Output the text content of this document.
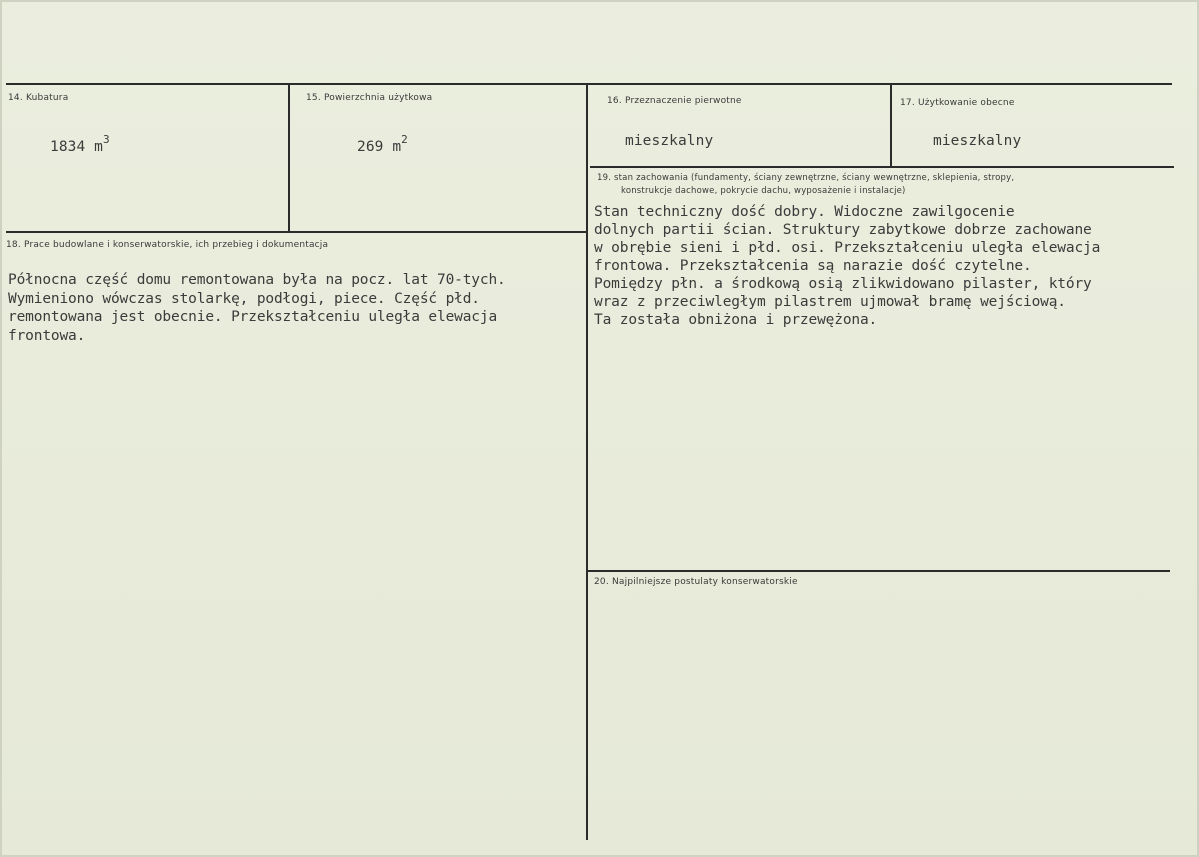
14. Kubatura
1834 $m^3$
15. Powierzchnia użytkowa
269 $m^2$
16. Przeznaczenie pierwotne
mieszkalny
17. Użytkowanie obecne
mieszkalny
18. Prace budowlane i konserwatorskie, ich przebieg i dokumentacja
Północna część domu remontowana była na pocz. lat 70-tych.
Wymieniono wówczas stolarkę, podłogi, piece. Część płd.
remontowana jest obecnie. Przekształceniu uległa elewacja
frontowa.
19. stan zachowania (fundamenty, ściany zewnętrzne, ściany wewnętrzne, sklepienia, stropy,
konstrukcje dachowe, pokrycie dachu, wyposażenie i instalacje)
Stan techniczny dość dobry. Widoczne zawilgocenie
dolnych partii ścian. Struktury zabytkowe dobrze zachowane
w obrębie sieni i płd. osi. Przekształceniu uległa elewacja
frontowa. Przekształcenia są narazie dość czytelne.
Pomiędzy płn. a środkową osią zlikwidowano pilaster, który
wraz z przeciwległym pilastrem ujmował bramę wejściową.
Ta została obniżona i przewężona.
20. Najpilniejsze postulaty konserwatorskie
